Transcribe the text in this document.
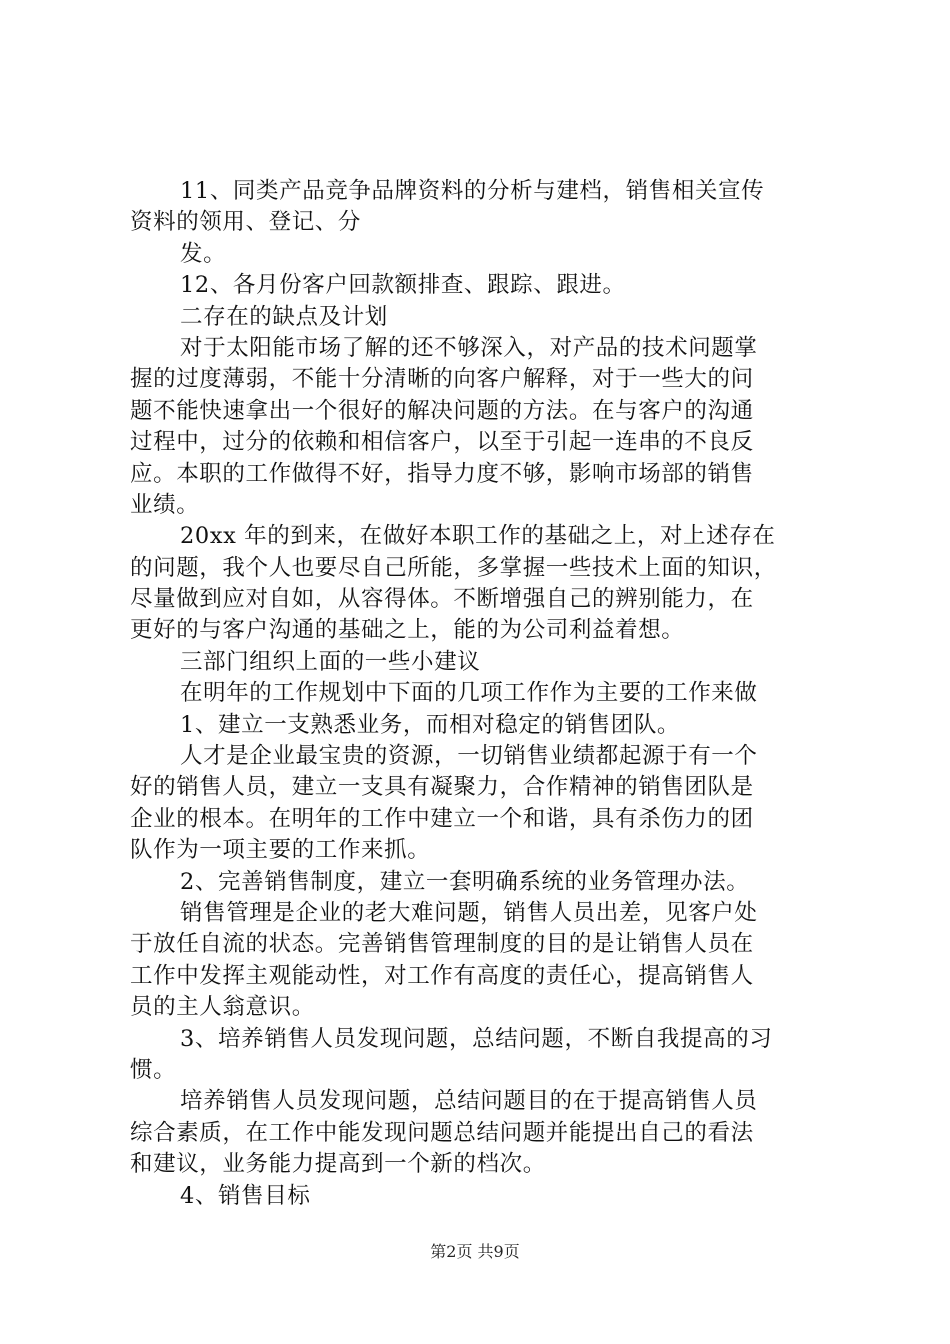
11、同类产品竞争品牌资料的分析与建档，销售相关宣传
资料的领用、登记、分
发。
12、各月份客户回款额排查、跟踪、跟进。
二存在的缺点及计划
对于太阳能市场了解的还不够深入，对产品的技术问题掌
握的过度薄弱，不能十分清晰的向客户解释，对于一些大的问
题不能快速拿出一个很好的解决问题的方法。在与客户的沟通
过程中，过分的依赖和相信客户，以至于引起一连串的不良反
应。本职的工作做得不好，指导力度不够，影响市场部的销售
业绩。
20xx 年的到来，在做好本职工作的基础之上，对上述存在
的问题，我个人也要尽自己所能，多掌握一些技术上面的知识，
尽量做到应对自如，从容得体。不断增强自己的辨别能力，在
更好的与客户沟通的基础之上，能的为公司利益着想。
三部门组织上面的一些小建议
在明年的工作规划中下面的几项工作作为主要的工作来做
1、建立一支熟悉业务，而相对稳定的销售团队。
人才是企业最宝贵的资源，一切销售业绩都起源于有一个
好的销售人员，建立一支具有凝聚力，合作精神的销售团队是
企业的根本。在明年的工作中建立一个和谐，具有杀伤力的团
队作为一项主要的工作来抓。
2、完善销售制度，建立一套明确系统的业务管理办法。
销售管理是企业的老大难问题，销售人员出差，见客户处
于放任自流的状态。完善销售管理制度的目的是让销售人员在
工作中发挥主观能动性，对工作有高度的责任心，提高销售人
员的主人翁意识。
3、培养销售人员发现问题，总结问题，不断自我提高的习
惯。
培养销售人员发现问题，总结问题目的在于提高销售人员
综合素质，在工作中能发现问题总结问题并能提出自己的看法
和建议，业务能力提高到一个新的档次。
4、销售目标
第2页 共9页
